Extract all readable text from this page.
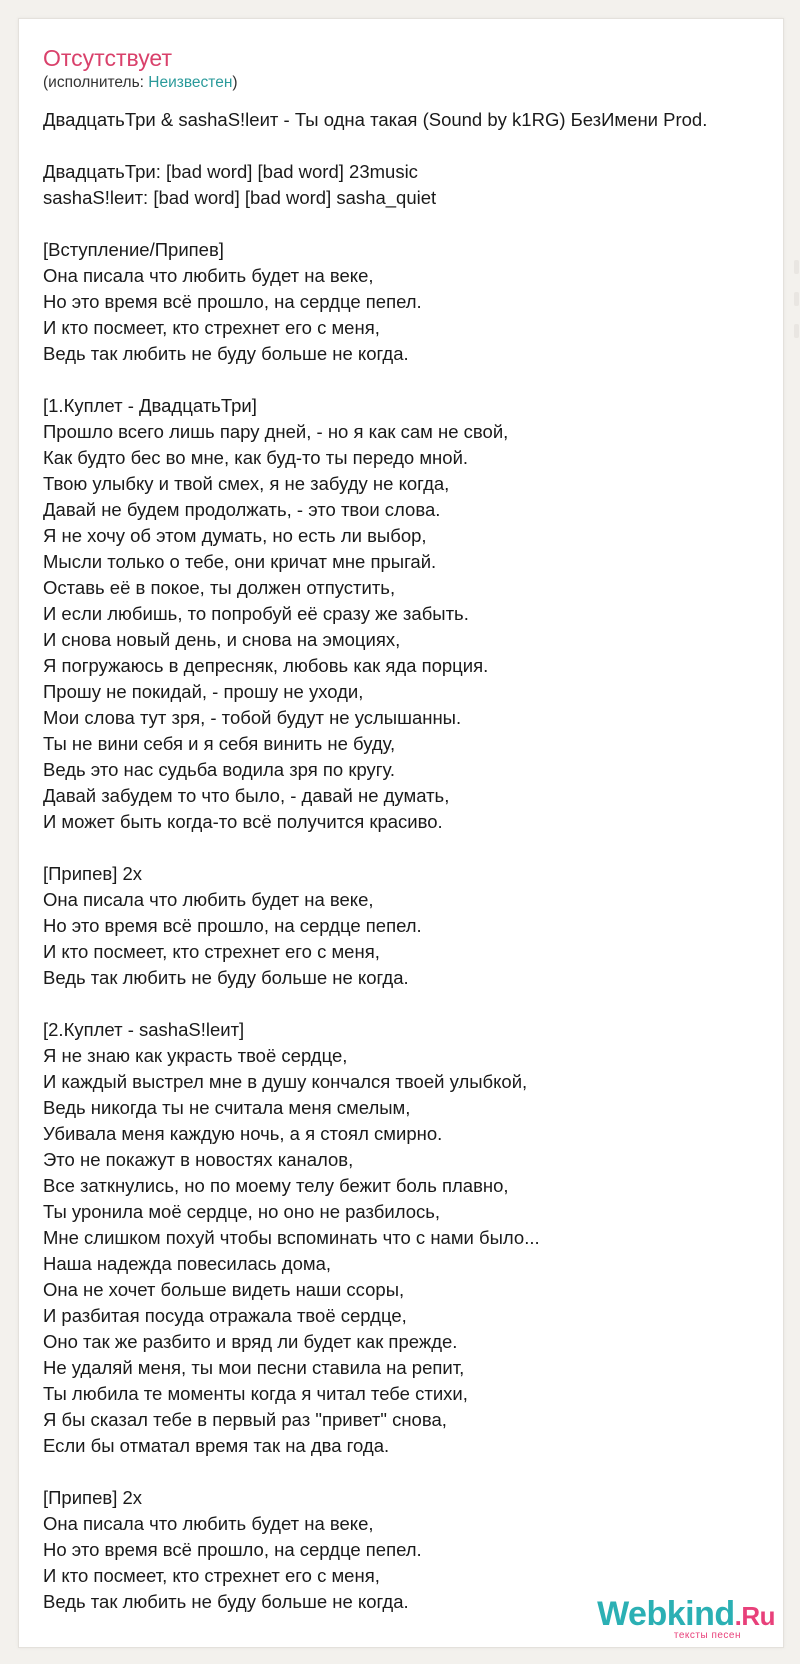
Отсутствует
(исполнитель: Неизвестен)
ДвадцатьТри & sashaS!leит - Ты одна такая (Sound by k1RG) БезИмени Prod.
ДвадцатьТри: [bad word] [bad word] 23music
sashaS!leит: [bad word] [bad word] sasha_quiet
[Вступление/Припев]
Она писала что любить будет на веке,
Но это время всё прошло, на сердце пепел.
И кто посмеет, кто стрехнет его с меня,
Ведь так любить не буду больше не когда.
[1.Куплет - ДвадцатьТри]
Прошло всего лишь пару дней, - но я как сам не свой,
Как будто бес во мне, как буд-то ты передо мной.
Твою улыбку и твой смех, я не забуду не когда,
Давай не будем продолжать, - это твои слова.
Я не хочу об этом думать, но есть ли выбор,
Мысли только о тебе, они кричат мне прыгай.
Оставь её в покое, ты должен отпустить,
И если любишь, то попробуй её сразу же забыть.
И снова новый день, и снова на эмоциях,
Я погружаюсь в депресняк, любовь как яда порция.
Прошу не покидай, - прошу не уходи,
Мои слова тут зря, - тобой будут не услышанны.
Ты не вини себя и я себя винить не буду,
Ведь это нас судьба водила зря по кругу.
Давай забудем то что было, - давай не думать,
И может быть когда-то всё получится красиво.
[Припев] 2x
Она писала что любить будет на веке,
Но это время всё прошло, на сердце пепел.
И кто посмеет, кто стрехнет его с меня,
Ведь так любить не буду больше не когда.
[2.Куплет - sashaS!leит]
Я не знаю как украсть твоё сердце,
И каждый выстрел мне в душу кончался твоей улыбкой,
Ведь никогда ты не считала меня смелым,
Убивала меня каждую ночь, а я стоял смирно.
Это не покажут в новостях каналов,
Все заткнулись, но по моему телу бежит боль плавно,
Ты уронила моё сердце, но оно не разбилось,
Мне слишком похуй чтобы вспоминать что с нами было...
Наша надежда повесилась дома,
Она не хочет больше видеть наши ссоры,
И разбитая посуда отражала твоё сердце,
Оно так же разбито и вряд ли будет как прежде.
Не удаляй меня, ты мои песни ставила на репит,
Ты любила те моменты когда я читал тебе стихи,
Я бы сказал тебе в первый раз "привет" снова,
Если бы отматал время так на два года.
[Припев] 2x
Она писала что любить будет на веке,
Но это время всё прошло, на сердце пепел.
И кто посмеет, кто стрехнет его с меня,
Ведь так любить не буду больше не когда.	Webkind.Ru
тексты песен
